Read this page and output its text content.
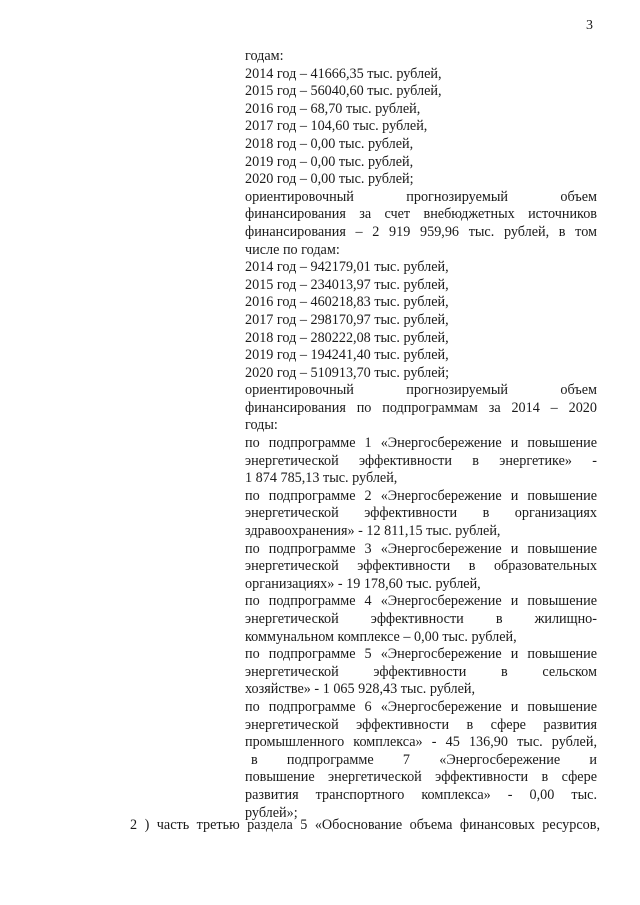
3
годам:
2014 год – 41666,35 тыс. рублей,
2015 год – 56040,60 тыс. рублей,
2016 год – 68,70 тыс. рублей,
2017 год – 104,60 тыс. рублей,
2018 год – 0,00 тыс. рублей,
2019 год – 0,00 тыс. рублей,
2020 год – 0,00 тыс. рублей;
ориентировочный прогнозируемый объем
финансирования за счет внебюджетных источников
финансирования – 2 919 959,96 тыс. рублей, в том
числе по годам:
2014 год – 942179,01 тыс. рублей,
2015 год – 234013,97 тыс. рублей,
2016 год – 460218,83 тыс. рублей,
2017 год – 298170,97 тыс. рублей,
2018 год – 280222,08 тыс. рублей,
2019 год – 194241,40 тыс. рублей,
2020 год – 510913,70 тыс. рублей;
ориентировочный прогнозируемый объем
финансирования по подпрограммам за 2014 – 2020
годы:
по подпрограмме 1 «Энергосбережение и повышение
энергетической эффективности в энергетике» -
1 874 785,13 тыс. рублей,
по подпрограмме 2 «Энергосбережение и повышение
энергетической эффективности в организациях
здравоохранения» - 12 811,15 тыс. рублей,
по подпрограмме 3 «Энергосбережение и повышение
энергетической эффективности в образовательных
организациях» - 19 178,60 тыс. рублей,
по подпрограмме 4 «Энергосбережение и повышение
энергетической эффективности в жилищно-
коммунальном комплексе – 0,00 тыс. рублей,
по подпрограмме 5 «Энергосбережение и повышение
энергетической эффективности в сельском
хозяйстве» - 1 065 928,43 тыс. рублей,
по подпрограмме 6 «Энергосбережение и повышение
энергетической эффективности в сфере развития
промышленного комплекса» - 45 136,90 тыс. рублей,
в подпрограмме 7 «Энергосбережение и
повышение энергетической эффективности в сфере
развития транспортного комплекса» - 0,00 тыс.
рублей»;
2 ) часть третью раздела 5 «Обоснование объема финансовых ресурсов,
